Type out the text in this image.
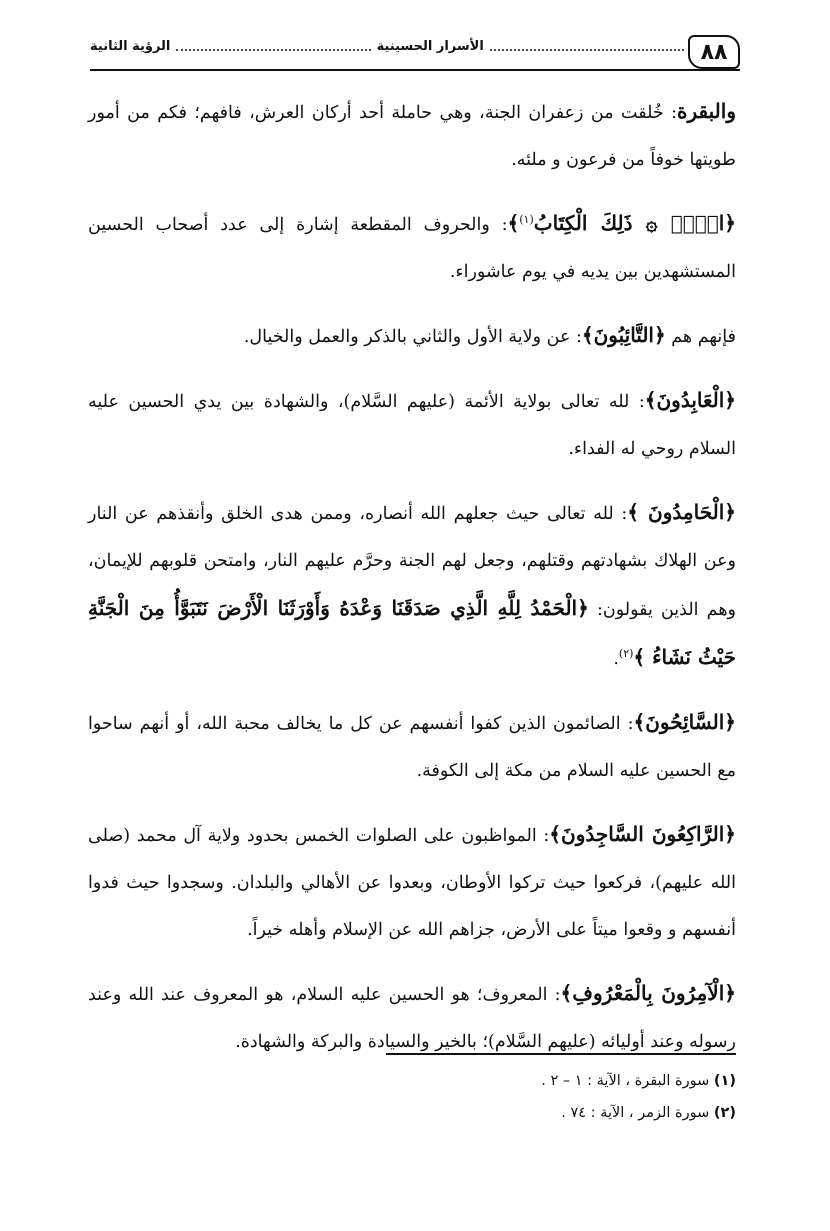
٨٨
الأسرار الحسينية
الرؤية الثانية

والبقرة: خُلقت من زعفران الجنة، وهي حاملة أحد أركان العرش، فافهم؛ فكم من أمور طويتها خوفاً من فرعون و ملئه.

﴿الۤمۤ ۞ ذَلِكَ الْكِتَابُ$^{(١)}$﴾: والحروف المقطعة إشارة إلى عدد أصحاب الحسين المستشهدين بين يديه في يوم عاشوراء.

فإنهم هم ﴿التَّائِبُونَ﴾: عن ولاية الأول والثاني بالذكر والعمل والخيال.

﴿الْعَابِدُونَ﴾: لله تعالى بولاية الأئمة (عليهم السَّلام)، والشهادة بين يدي الحسين عليه السلام روحي له الفداء.

﴿الْحَامِدُونَ ﴾: لله تعالى حيث جعلهم الله أنصاره، وممن هدى الخلق وأنقذهم عن النار وعن الهلاك بشهادتهم وقتلهم، وجعل لهم الجنة وحرَّم عليهم النار، وامتحن قلوبهم للإيمان، وهم الذين يقولون: ﴿الْحَمْدُ لِلَّهِ الَّذِي صَدَقَنَا وَعْدَهُ وَأَوْرَثَنَا الْأَرْضَ نَتَبَوَّأُ مِنَ الْجَنَّةِ حَيْثُ نَشَاءُ ﴾$^{(٢)}$.

﴿السَّائِحُونَ﴾: الصائمون الذين كفوا أنفسهم عن كل ما يخالف محبة الله، أو أنهم ساحوا مع الحسين عليه السلام من مكة إلى الكوفة.

﴿الرَّاكِعُونَ السَّاجِدُونَ﴾: المواظبون على الصلوات الخمس بحدود ولاية آل محمد (صلى الله عليهم)، فركعوا حيث تركوا الأوطان، وبعدوا عن الأهالي والبلدان. وسجدوا حيث فدوا أنفسهم و وقعوا ميتاً على الأرض، جزاهم الله عن الإسلام وأهله خيراً.

﴿الْآمِرُونَ بِالْمَعْرُوفِ﴾: المعروف؛ هو الحسين عليه السلام، هو المعروف عند الله وعند رسوله وعند أوليائه (عليهم السَّلام)؛ بالخير والسيادة والبركة والشهادة.

(١) سورة البقرة ، الآية : ١ – ٢ .

(٢) سورة الزمر ، الآية : ٧٤ .
